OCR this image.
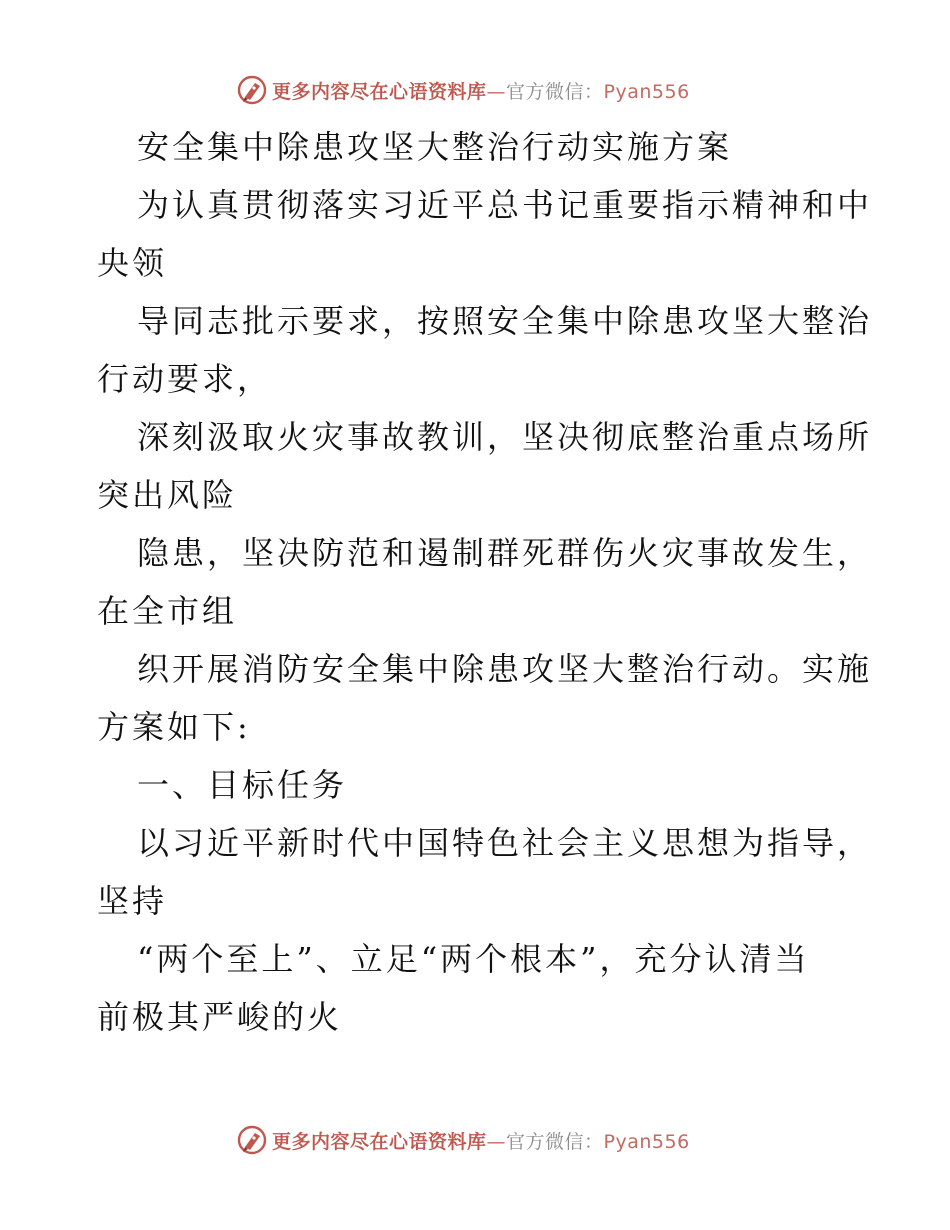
更多内容尽在心语资料库—官方微信：Pyan556
安全集中除患攻坚大整治行动实施方案
为认真贯彻落实习近平总书记重要指示精神和中
央领
导同志批示要求，按照安全集中除患攻坚大整治
行动要求，
深刻汲取火灾事故教训，坚决彻底整治重点场所
突出风险
隐患，坚决防范和遏制群死群伤火灾事故发生，
在全市组
织开展消防安全集中除患攻坚大整治行动。实施
方案如下:
一、目标任务
以习近平新时代中国特色社会主义思想为指导，
坚持
“两个至上”、立足“两个根本”，充分认清当
前极其严峻的火
更多内容尽在心语资料库—官方微信：Pyan556
